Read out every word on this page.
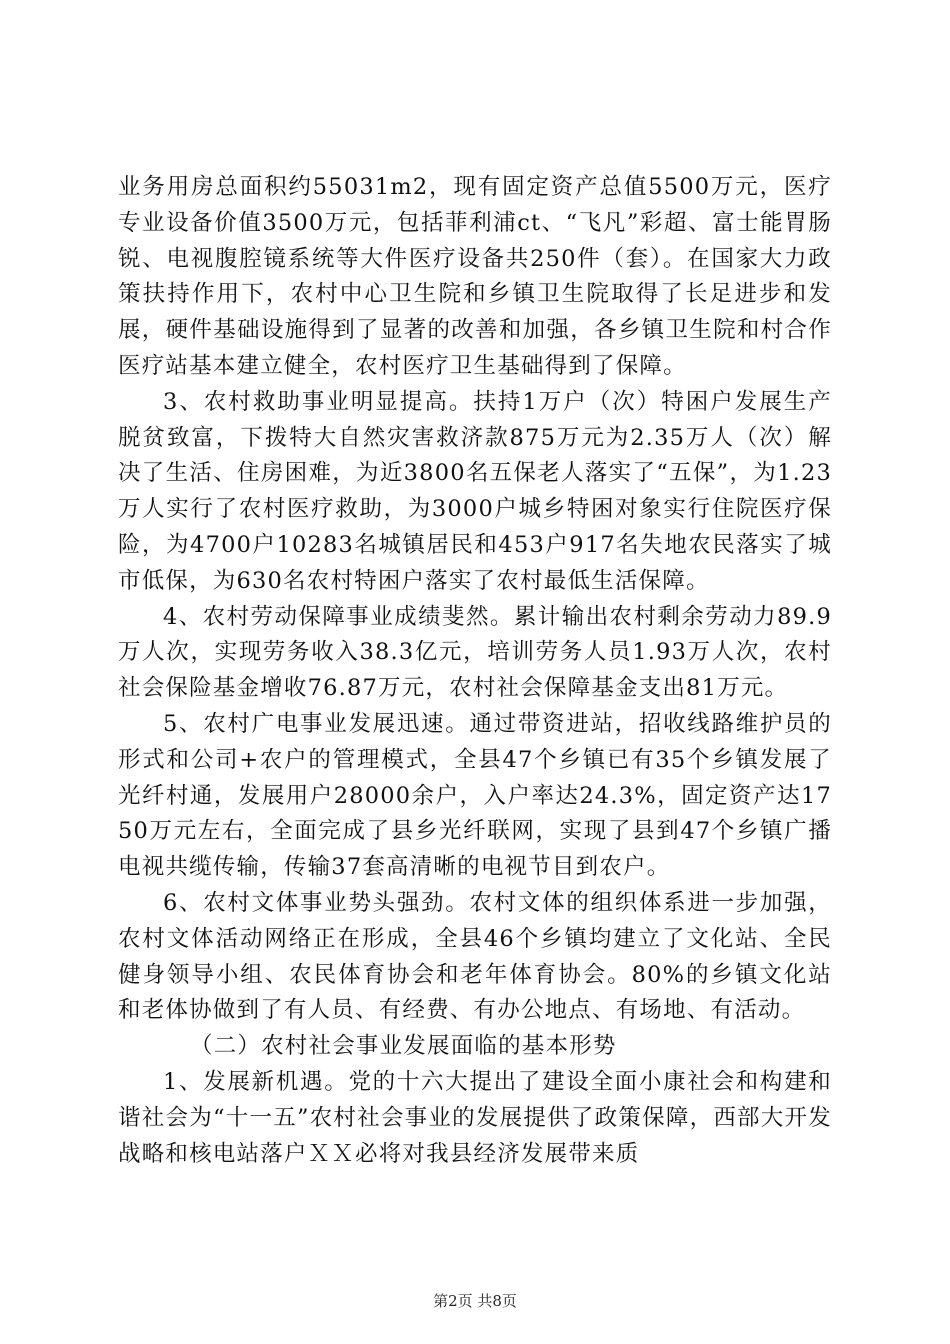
业务用房总面积约55031m2，现有固定资产总值5500万元，医疗专业设备价值3500万元，包括菲利浦ct、“飞凡”彩超、富士能胃肠锐、电视腹腔镜系统等大件医疗设备共250件（套）。在国家大力政策扶持作用下，农村中心卫生院和乡镇卫生院取得了长足进步和发展，硬件基础设施得到了显著的改善和加强，各乡镇卫生院和村合作医疗站基本建立健全，农村医疗卫生基础得到了保障。

3、农村救助事业明显提高。扶持1万户（次）特困户发展生产脱贫致富，下拨特大自然灾害救济款875万元为2.35万人（次）解决了生活、住房困难，为近3800名五保老人落实了“五保”，为1.23万人实行了农村医疗救助，为3000户城乡特困对象实行住院医疗保险，为4700户10283名城镇居民和453户917名失地农民落实了城市低保，为630名农村特困户落实了农村最低生活保障。

4、农村劳动保障事业成绩斐然。累计输出农村剩余劳动力89.9万人次，实现劳务收入38.3亿元，培训劳务人员1.93万人次，农村社会保险基金增收76.87万元，农村社会保障基金支出81万元。

5、农村广电事业发展迅速。通过带资进站，招收线路维护员的形式和公司+农户的管理模式，全县47个乡镇已有35个乡镇发展了光纤村通，发展用户28000余户，入户率达24.3%，固定资产达1750万元左右，全面完成了县乡光纤联网，实现了县到47个乡镇广播电视共缆传输，传输37套高清晰的电视节目到农户。

6、农村文体事业势头强劲。农村文体的组织体系进一步加强，农村文体活动网络正在形成，全县46个乡镇均建立了文化站、全民健身领导小组、农民体育协会和老年体育协会。80%的乡镇文化站和老体协做到了有人员、有经费、有办公地点、有场地、有活动。

（二）农村社会事业发展面临的基本形势

1、发展新机遇。党的十六大提出了建设全面小康社会和构建和谐社会为“十一五”农村社会事业的发展提供了政策保障，西部大开发战略和核电站落户ＸＸ必将对我县经济发展带来质

第2页 共8页
